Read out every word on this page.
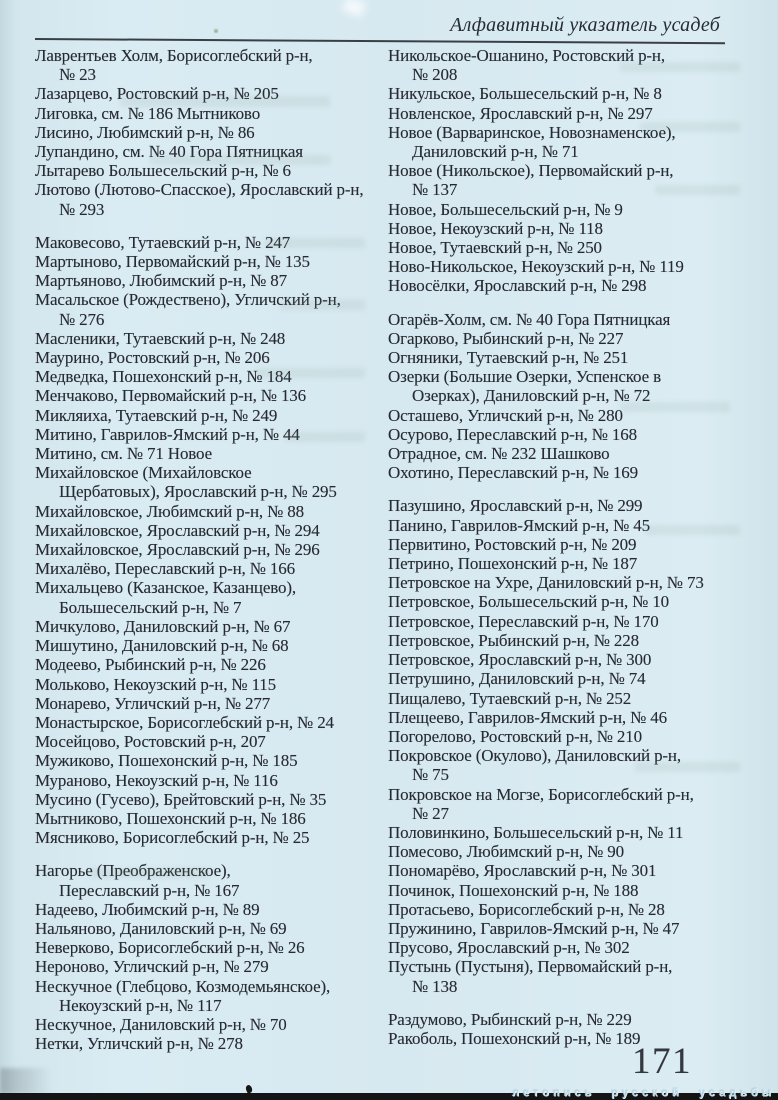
Алфавитный указатель усадеб
Лаврентьев Холм, Борисоглебский р-н,
№ 23
Лазарцево, Ростовский р-н, № 205
Лиговка, см. № 186 Мытниково
Лисино, Любимский р-н, № 86
Лупандино, см. № 40 Гора Пятницкая
Лытарево Большесельский р-н, № 6
Лютово (Лютово-Спасское), Ярославский р-н,
№ 293
Маковесово, Тутаевский р-н, № 247
Мартыново, Первомайский р-н, № 135
Мартьяново, Любимский р-н, № 87
Масальское (Рождествено), Угличский р-н,
№ 276
Масленики, Тутаевский р-н, № 248
Маурино, Ростовский р-н, № 206
Медведка, Пошехонский р-н, № 184
Менчаково, Первомайский р-н, № 136
Микляиха, Тутаевский р-н, № 249
Митино, Гаврилов-Ямский р-н, № 44
Митино, см. № 71 Новое
Михайловское (Михайловское
Щербатовых), Ярославский р-н, № 295
Михайловское, Любимский р-н, № 88
Михайловское, Ярославский р-н, № 294
Михайловское, Ярославский р-н, № 296
Михалёво, Переславский р-н, № 166
Михальцево (Казанское, Казанцево),
Большесельский р-н, № 7
Мичкулово, Даниловский р-н, № 67
Мишутино, Даниловский р-н, № 68
Модеево, Рыбинский р-н, № 226
Мольково, Некоузский р-н, № 115
Монарево, Угличский р-н, № 277
Монастырское, Борисоглебский р-н, № 24
Мосейцово, Ростовский р-н, 207
Мужиково, Пошехонский р-н, № 185
Мураново, Некоузский р-н, № 116
Мусино (Гусево), Брейтовский р-н, № 35
Мытниково, Пошехонский р-н, № 186
Мясниково, Борисоглебский р-н, № 25
Нагорье (Преображенское),
Переславский р-н, № 167
Надеево, Любимский р-н, № 89
Нальяново, Даниловский р-н, № 69
Неверково, Борисоглебский р-н, № 26
Нероново, Угличский р-н, № 279
Нескучное (Глебцово, Козмодемьянское),
Некоузский р-н, № 117
Нескучное, Даниловский р-н, № 70
Нетки, Угличский р-н, № 278
Никольское-Ошанино, Ростовский р-н,
№ 208
Никульское, Большесельский р-н, № 8
Новленское, Ярославский р-н, № 297
Новое (Варваринское, Новознаменское),
Даниловский р-н, № 71
Новое (Никольское), Первомайский р-н,
№ 137
Новое, Большесельский р-н, № 9
Новое, Некоузский р-н, № 118
Новое, Тутаевский р-н, № 250
Ново-Никольское, Некоузский р-н, № 119
Новосёлки, Ярославский р-н, № 298
Огарёв-Холм, см. № 40 Гора Пятницкая
Огарково, Рыбинский р-н, № 227
Огняники, Тутаевский р-н, № 251
Озерки (Большие Озерки, Успенское в
Озерках), Даниловский р-н, № 72
Осташево, Угличский р-н, № 280
Осурово, Переславский р-н, № 168
Отрадное, см. № 232 Шашково
Охотино, Переславский р-н, № 169
Пазушино, Ярославский р-н, № 299
Панино, Гаврилов-Ямский р-н, № 45
Первитино, Ростовский р-н, № 209
Петрино, Пошехонский р-н, № 187
Петровское на Ухре, Даниловский р-н, № 73
Петровское, Большесельский р-н, № 10
Петровское, Переславский р-н, № 170
Петровское, Рыбинский р-н, № 228
Петровское, Ярославский р-н, № 300
Петрушино, Даниловский р-н, № 74
Пищалево, Тутаевский р-н, № 252
Плещеево, Гаврилов-Ямский р-н, № 46
Погорелово, Ростовский р-н, № 210
Покровское (Окулово), Даниловский р-н,
№ 75
Покровское на Могзе, Борисоглебский р-н,
№ 27
Половинкино, Большесельский р-н, № 11
Помесово, Любимский р-н, № 90
Пономарёво, Ярославский р-н, № 301
Починок, Пошехонский р-н, № 188
Протасьево, Борисоглебский р-н, № 28
Пружинино, Гаврилов-Ямский р-н, № 47
Прусово, Ярославский р-н, № 302
Пустынь (Пустыня), Первомайский р-н,
№ 138
Раздумово, Рыбинский р-н, № 229
Ракоболь, Пошехонский р-н, № 189
171
летопись русской усадьбы
